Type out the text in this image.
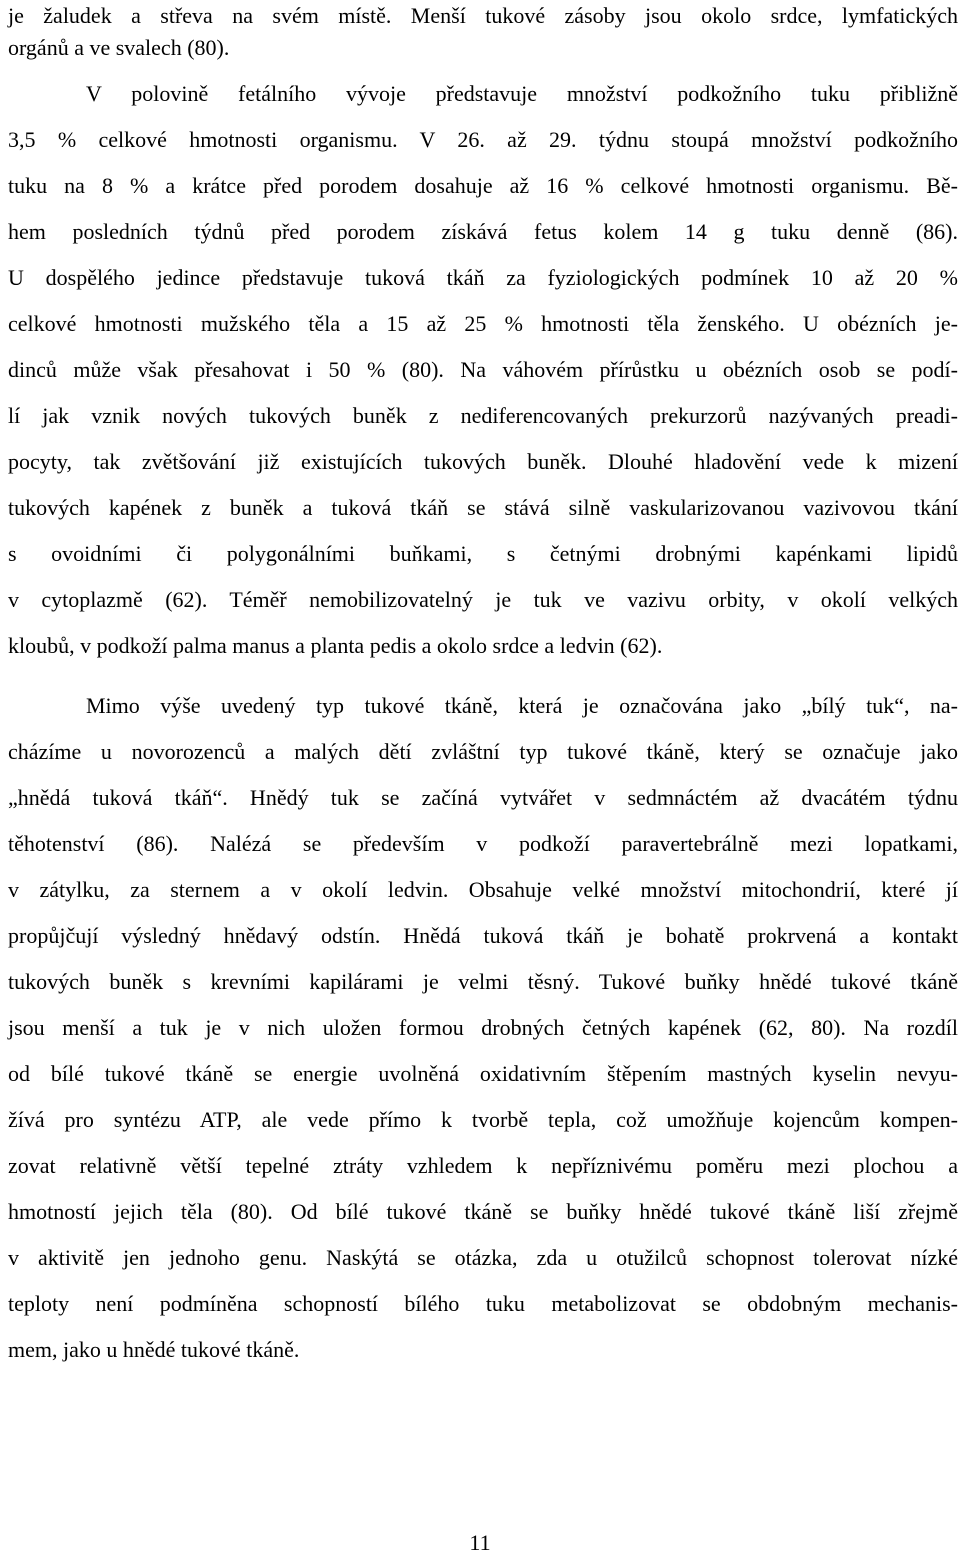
je žaludek a střeva na svém místě. Menší tukové zásoby jsou okolo srdce, lymfatických
orgánů a ve svalech (80).
V polovině fetálního vývoje představuje množství podkožního tuku přibližně
3,5 % celkové hmotnosti organismu. V 26. až 29. týdnu stoupá množství podkožního
tuku na 8 % a krátce před porodem dosahuje až 16 % celkové hmotnosti organismu. Bě-
hem posledních týdnů před porodem získává fetus kolem 14 g tuku denně (86).
U dospělého jedince představuje tuková tkáň za fyziologických podmínek 10 až 20 %
celkové hmotnosti mužského těla a 15 až 25 % hmotnosti těla ženského. U obézních je-
dinců může však přesahovat i 50 % (80). Na váhovém přírůstku u obézních osob se podí-
lí jak vznik nových tukových buněk z nediferencovaných prekurzorů nazývaných preadi-
pocyty, tak zvětšování již existujících tukových buněk. Dlouhé hladovění vede k mizení
tukových kapének z buněk a tuková tkáň se stává silně vaskularizovanou vazivovou tkání
s ovoidními či polygonálními buňkami, s četnými drobnými kapénkami lipidů
v cytoplazmě (62). Téměř nemobilizovatelný je tuk ve vazivu orbity, v okolí velkých
kloubů, v podkoží palma manus a planta pedis a okolo srdce a ledvin (62).
Mimo výše uvedený typ tukové tkáně, která je označována jako „bílý tuk“, na-
cházíme u novorozenců a malých dětí zvláštní typ tukové tkáně, který se označuje jako
„hnědá tuková tkáň“. Hnědý tuk se začíná vytvářet v sedmnáctém až dvacátém týdnu
těhotenství (86). Nalézá se především v podkoží paravertebrálně mezi lopatkami,
v zátylku, za sternem a v okolí ledvin. Obsahuje velké množství mitochondrií, které jí
propůjčují výsledný hnědavý odstín. Hnědá tuková tkáň je bohatě prokrvená a kontakt
tukových buněk s krevními kapilárami je velmi těsný. Tukové buňky hnědé tukové tkáně
jsou menší a tuk je v nich uložen formou drobných četných kapének (62, 80). Na rozdíl
od bílé tukové tkáně se energie uvolněná oxidativním štěpením mastných kyselin nevyu-
žívá pro syntézu ATP, ale vede přímo k tvorbě tepla, což umožňuje kojencům kompen-
zovat relativně větší tepelné ztráty vzhledem k nepříznivému poměru mezi plochou a
hmotností jejich těla (80). Od bílé tukové tkáně se buňky hnědé tukové tkáně liší zřejmě
v aktivitě jen jednoho genu. Naskýtá se otázka, zda u otužilců schopnost tolerovat nízké
teploty není podmíněna schopností bílého tuku metabolizovat se obdobným mechanis-
mem, jako u hnědé tukové tkáně.
11
